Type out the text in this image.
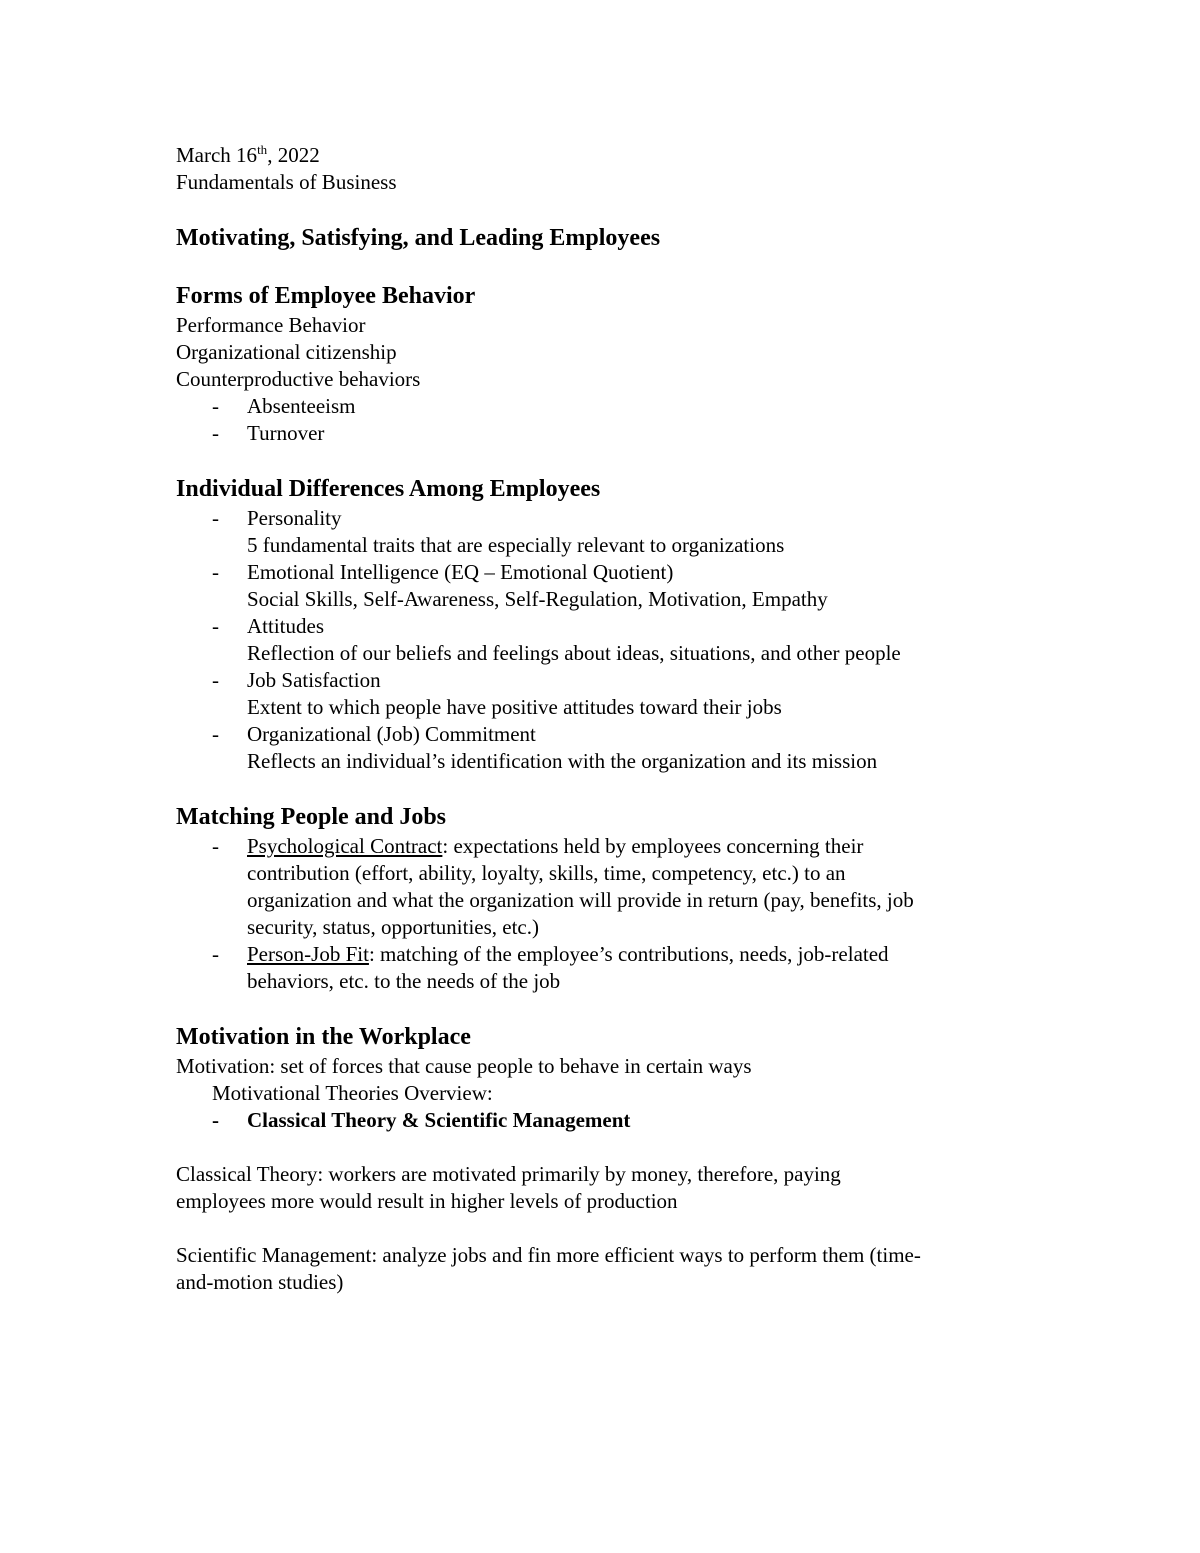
March 16th, 2022
Fundamentals of Business
Motivating, Satisfying, and Leading Employees
Forms of Employee Behavior
Performance Behavior
Organizational citizenship
Counterproductive behaviors
- Absenteeism
- Turnover
Individual Differences Among Employees
- Personality
5 fundamental traits that are especially relevant to organizations
- Emotional Intelligence (EQ – Emotional Quotient)
Social Skills, Self-Awareness, Self-Regulation, Motivation, Empathy
- Attitudes
Reflection of our beliefs and feelings about ideas, situations, and other people
- Job Satisfaction
Extent to which people have positive attitudes toward their jobs
- Organizational (Job) Commitment
Reflects an individual’s identification with the organization and its mission
Matching People and Jobs
- Psychological Contract: expectations held by employees concerning their
contribution (effort, ability, loyalty, skills, time, competency, etc.) to an
organization and what the organization will provide in return (pay, benefits, job
security, status, opportunities, etc.)
- Person-Job Fit: matching of the employee’s contributions, needs, job-related
behaviors, etc. to the needs of the job
Motivation in the Workplace
Motivation: set of forces that cause people to behave in certain ways
Motivational Theories Overview:
- Classical Theory & Scientific Management
Classical Theory: workers are motivated primarily by money, therefore, paying
employees more would result in higher levels of production
Scientific Management: analyze jobs and fin more efficient ways to perform them (time-
and-motion studies)
